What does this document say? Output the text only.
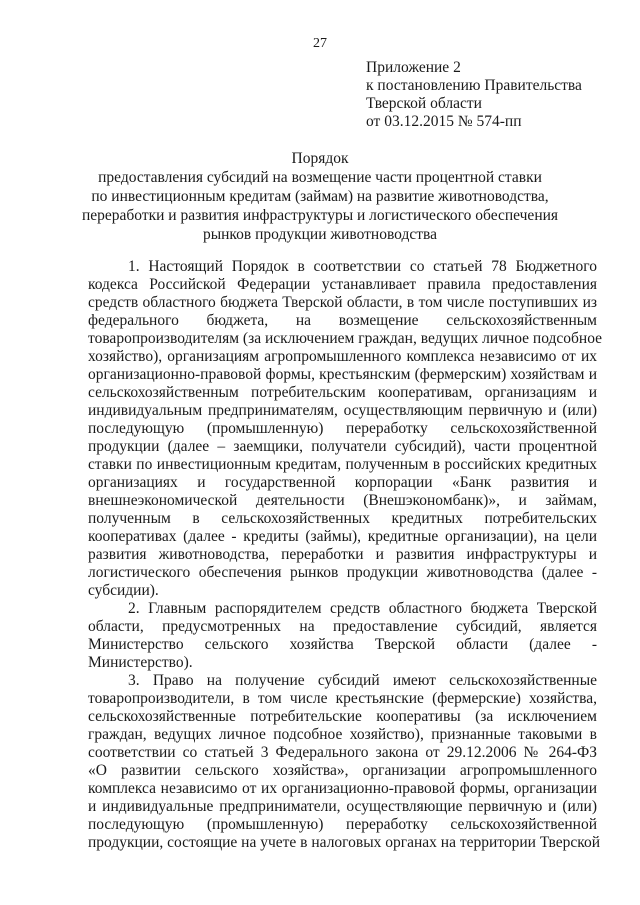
27
Приложение 2
к постановлению Правительства
Тверской области
от 03.12.2015 № 574-пп
Порядок
предоставления субсидий на возмещение части процентной ставки
по инвестиционным кредитам (займам) на развитие животноводства,
переработки и развития инфраструктуры и логистического обеспечения
рынков продукции животноводства
1. Настоящий Порядок в соответствии со статьей 78 Бюджетного
кодекса Российской Федерации устанавливает правила предоставления
средств областного бюджета Тверской области, в том числе поступивших из
федерального бюджета, на возмещение сельскохозяйственным
товаропроизводителям (за исключением граждан, ведущих личное подсобное
хозяйство), организациям агропромышленного комплекса независимо от их
организационно-правовой формы, крестьянским (фермерским) хозяйствам и
сельскохозяйственным потребительским кооперативам, организациям и
индивидуальным предпринимателям, осуществляющим первичную и (или)
последующую (промышленную) переработку сельскохозяйственной
продукции (далее – заемщики, получатели субсидий), части процентной
ставки по инвестиционным кредитам, полученным в российских кредитных
организациях и государственной корпорации «Банк развития и
внешнеэкономической деятельности (Внешэкономбанк)», и займам,
полученным в сельскохозяйственных кредитных потребительских
кооперативах (далее - кредиты (займы), кредитные организации), на цели
развития животноводства, переработки и развития инфраструктуры и
логистического обеспечения рынков продукции животноводства (далее -
субсидии).
2. Главным распорядителем средств областного бюджета Тверской
области, предусмотренных на предоставление субсидий, является
Министерство сельского хозяйства Тверской области (далее -
Министерство).
3. Право на получение субсидий имеют сельскохозяйственные
товаропроизводители, в том числе крестьянские (фермерские) хозяйства,
сельскохозяйственные потребительские кооперативы (за исключением
граждан, ведущих личное подсобное хозяйство), признанные таковыми в
соответствии со статьей 3 Федерального закона от 29.12.2006 № 264-ФЗ
«О развитии сельского хозяйства», организации агропромышленного
комплекса независимо от их организационно-правовой формы, организации
и индивидуальные предприниматели, осуществляющие первичную и (или)
последующую (промышленную) переработку сельскохозяйственной
продукции, состоящие на учете в налоговых органах на территории Тверской
